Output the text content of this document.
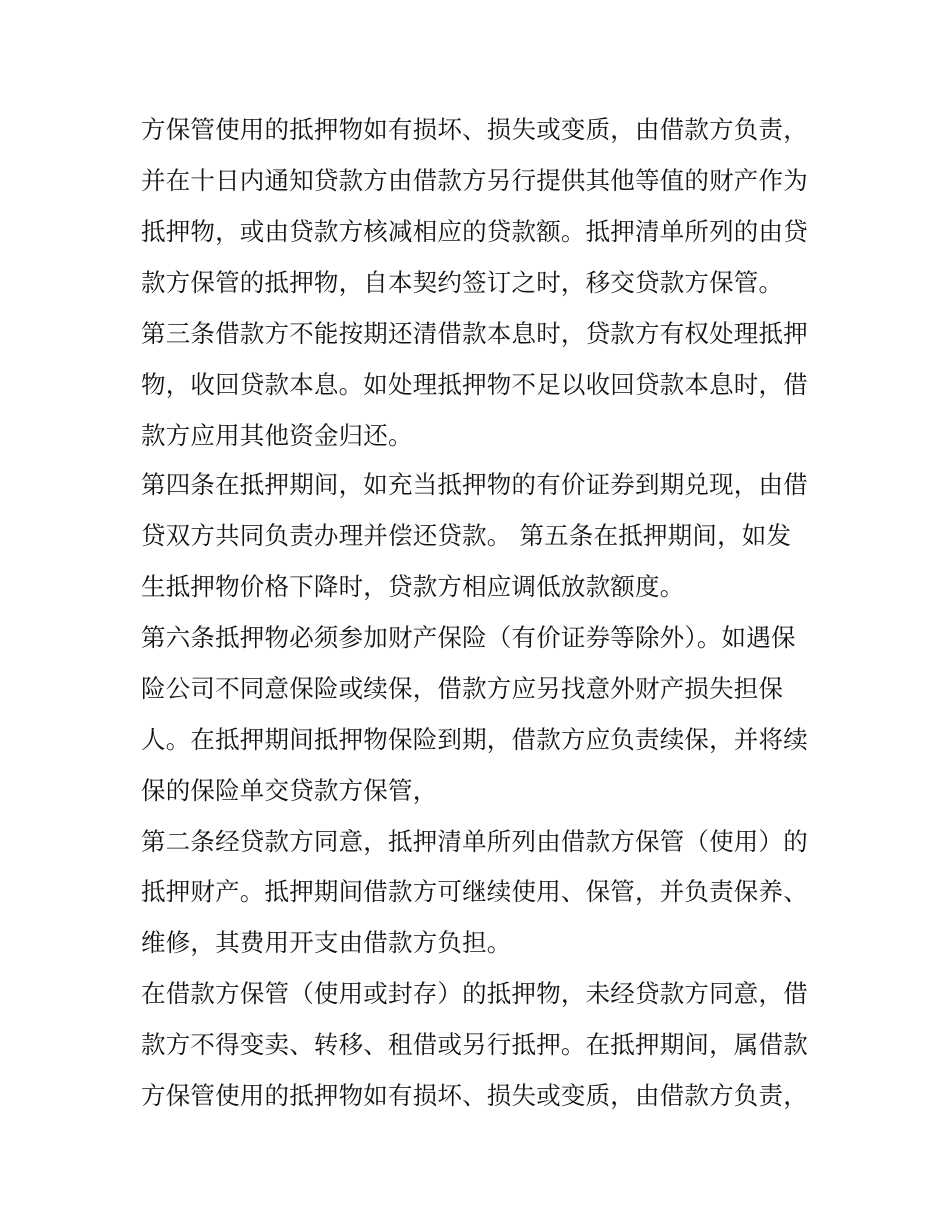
方保管使用的抵押物如有损坏、损失或变质，由借款方负责，
并在十日内通知贷款方由借款方另行提供其他等值的财产作为
抵押物，或由贷款方核减相应的贷款额。抵押清单所列的由贷
款方保管的抵押物，自本契约签订之时，移交贷款方保管。
第三条借款方不能按期还清借款本息时，贷款方有权处理抵押
物，收回贷款本息。如处理抵押物不足以收回贷款本息时，借
款方应用其他资金归还。
第四条在抵押期间，如充当抵押物的有价证券到期兑现，由借
贷双方共同负责办理并偿还贷款。 第五条在抵押期间，如发
生抵押物价格下降时，贷款方相应调低放款额度。
第六条抵押物必须参加财产保险（有价证券等除外）。如遇保
险公司不同意保险或续保，借款方应另找意外财产损失担保
人。在抵押期间抵押物保险到期，借款方应负责续保，并将续
保的保险单交贷款方保管，
第二条经贷款方同意，抵押清单所列由借款方保管（使用）的
抵押财产。抵押期间借款方可继续使用、保管，并负责保养、
维修，其费用开支由借款方负担。
在借款方保管（使用或封存）的抵押物，未经贷款方同意，借
款方不得变卖、转移、租借或另行抵押。在抵押期间，属借款
方保管使用的抵押物如有损坏、损失或变质，由借款方负责，
